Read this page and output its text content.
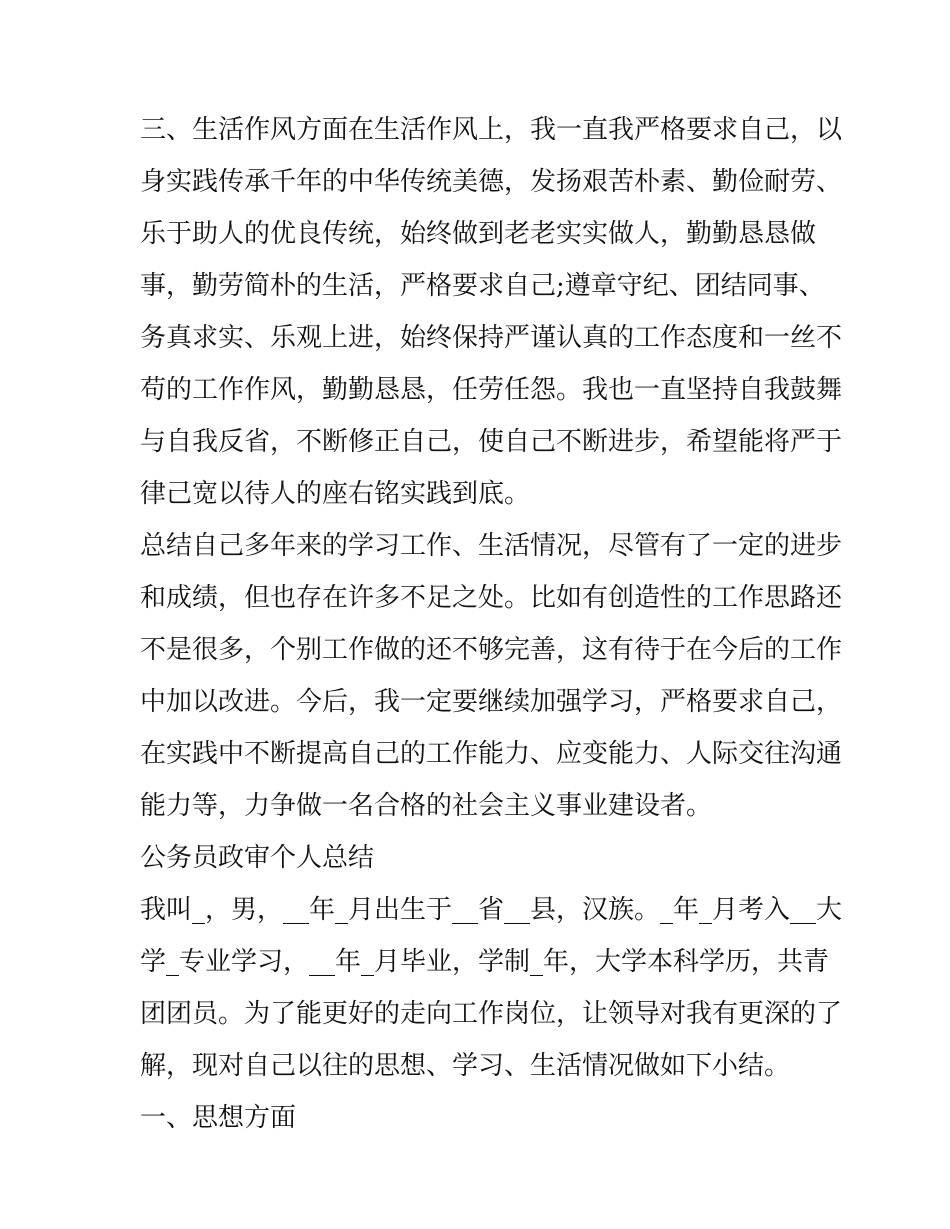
三、生活作风方面在生活作风上，我一直我严格要求自己，以
身实践传承千年的中华传统美德，发扬艰苦朴素、勤俭耐劳、
乐于助人的优良传统，始终做到老老实实做人，勤勤恳恳做
事，勤劳简朴的生活，严格要求自己;遵章守纪、团结同事、
务真求实、乐观上进，始终保持严谨认真的工作态度和一丝不
苟的工作作风，勤勤恳恳，任劳任怨。我也一直坚持自我鼓舞
与自我反省，不断修正自己，使自己不断进步，希望能将严于
律己宽以待人的座右铭实践到底。
总结自己多年来的学习工作、生活情况，尽管有了一定的进步
和成绩，但也存在许多不足之处。比如有创造性的工作思路还
不是很多，个别工作做的还不够完善，这有待于在今后的工作
中加以改进。今后，我一定要继续加强学习，严格要求自己，
在实践中不断提高自己的工作能力、应变能力、人际交往沟通
能力等，力争做一名合格的社会主义事业建设者。
公务员政审个人总结
我叫_，男，__年_月出生于__省__县，汉族。_年_月考入__大
学_专业学习，__年_月毕业，学制_年，大学本科学历，共青
团团员。为了能更好的走向工作岗位，让领导对我有更深的了
解，现对自己以往的思想、学习、生活情况做如下小结。
一、思想方面
